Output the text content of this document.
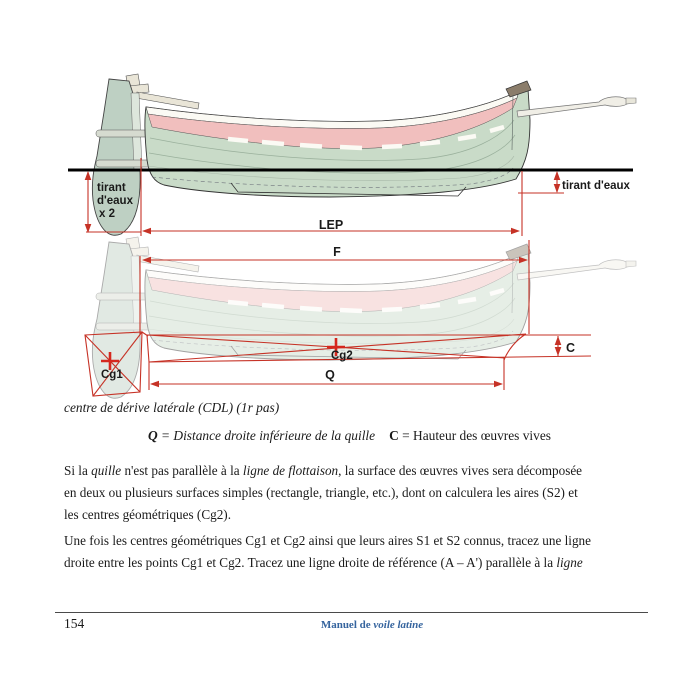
tirant
d'eaux
x 2
LEP
tirant d'eaux
F
Q
C
Cg1
Cg2
centre de dérive latérale (CDL) (1r pas)
Q = Distance droite inférieure de la quille C = Hauteur des œuvres vives
Si la quille n'est pas parallèle à la ligne de flottaison, la surface des œuvres vives sera décomposée
en deux ou plusieurs surfaces simples (rectangle, triangle, etc.), dont on calculera les aires (S2) et
les centres géométriques (Cg2).
Une fois les centres géométriques Cg1 et Cg2 ainsi que leurs aires S1 et S2 connus, tracez une ligne
droite entre les points Cg1 et Cg2. Tracez une ligne droite de référence (A – A') parallèle à la ligne
154	Manuel de voile latine
